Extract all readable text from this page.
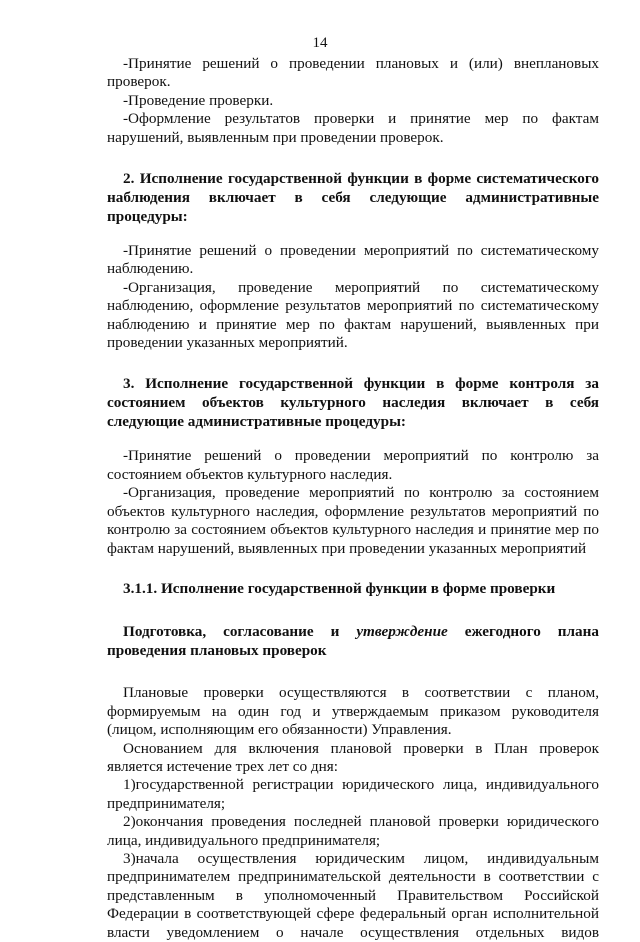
14

-Принятие решений о проведении плановых и (или) внеплановых проверок.

-Проведение проверки.

-Оформление результатов проверки и принятие мер по фактам нарушений, выявленным при проведении проверок.

2. Исполнение государственной функции в форме систематического наблюдения включает в себя следующие административные процедуры:

-Принятие решений о проведении мероприятий по систематическому наблюдению.

-Организация, проведение мероприятий по систематическому наблюдению, оформление результатов мероприятий по систематическому наблюдению и принятие мер по фактам нарушений, выявленных при проведении указанных мероприятий.

3. Исполнение государственной функции в форме контроля за состоянием объектов культурного наследия включает в себя следующие административные процедуры:

-Принятие решений о проведении мероприятий по контролю за состоянием объектов культурного наследия.

-Организация, проведение мероприятий по контролю за состоянием объектов культурного наследия, оформление результатов мероприятий по контролю за состоянием объектов культурного наследия и принятие мер по фактам нарушений, выявленных при проведении указанных мероприятий

3.1.1. Исполнение государственной функции в форме проверки

Подготовка, согласование и утверждение ежегодного плана проведения плановых проверок

Плановые проверки осуществляются в соответствии с планом, формируемым на один год и утверждаемым приказом руководителя (лицом, исполняющим его обязанности) Управления.

Основанием для включения плановой проверки в План проверок является истечение трех лет со дня:

1)государственной регистрации юридического лица, индивидуального предпринимателя;

2)окончания проведения последней плановой проверки юридического лица, индивидуального предпринимателя;

3)начала осуществления юридическим лицом, индивидуальным предпринимателем предпринимательской деятельности в соответствии с представленным в уполномоченный Правительством Российской Федерации в соответствующей сфере федеральный орган исполнительной власти уведомлением о начале осуществления отдельных видов
